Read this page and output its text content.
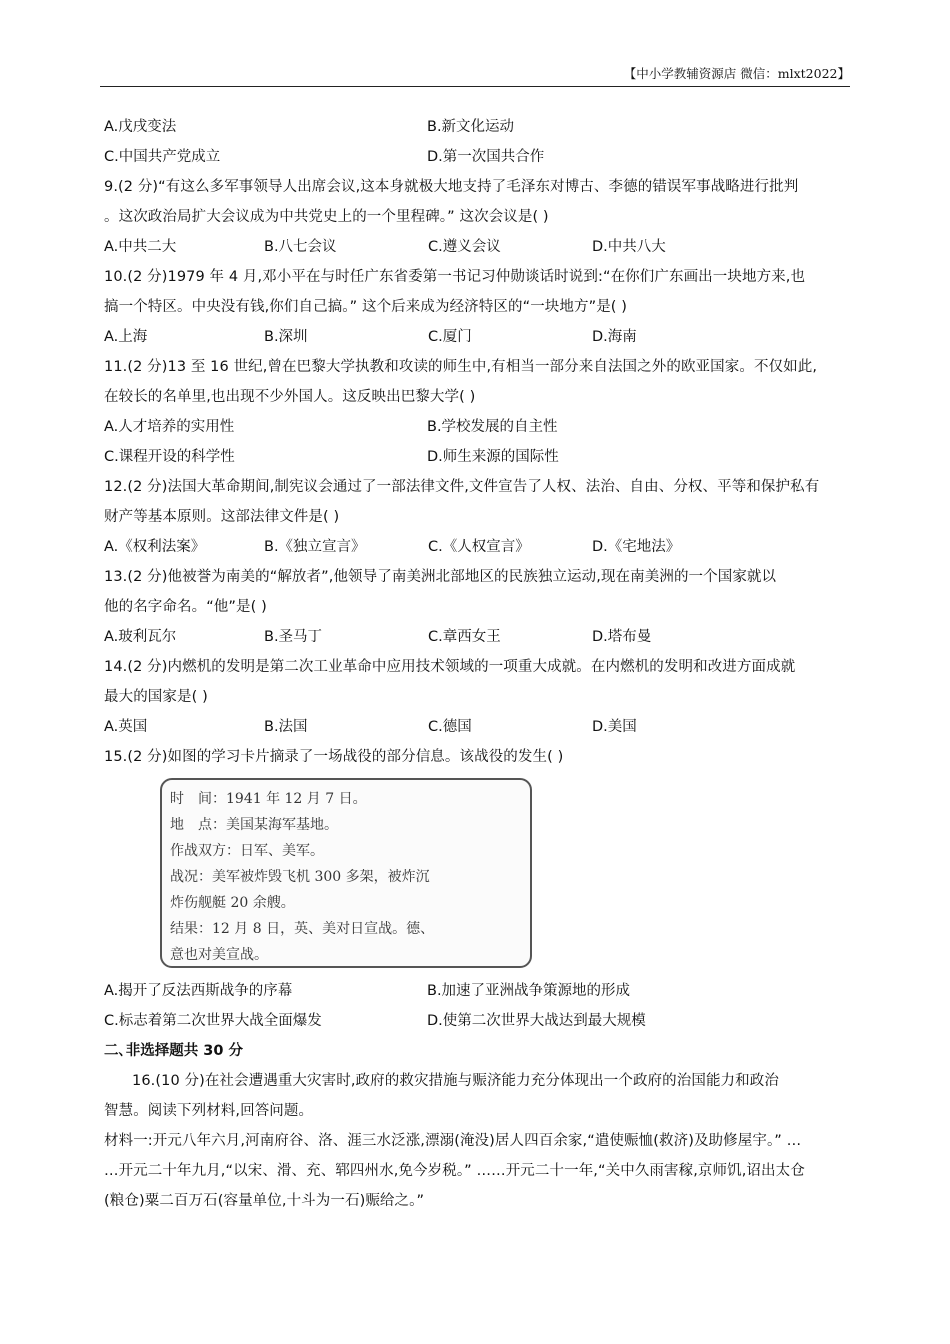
【中小学教辅资源店 微信：mlxt2022】
A.戊戌变法	B.新文化运动
C.中国共产党成立	D.第一次国共合作
9.(2 分)“有这么多军事领导人出席会议,这本身就极大地支持了毛泽东对博古、李德的错误军事战略进行批判
。这次政治局扩大会议成为中共党史上的一个里程碑。” 这次会议是( )
A.中共二大	B.八七会议	C.遵义会议	D.中共八大
10.(2 分)1979 年 4 月,邓小平在与时任广东省委第一书记习仲勋谈话时说到:“在你们广东画出一块地方来,也
搞一个特区。中央没有钱,你们自己搞。” 这个后来成为经济特区的“一块地方”是( )
A.上海	B.深圳	C.厦门	D.海南
11.(2 分)13 至 16 世纪,曾在巴黎大学执教和攻读的师生中,有相当一部分来自法国之外的欧亚国家。不仅如此,
在较长的名单里,也出现不少外国人。这反映出巴黎大学( )
A.人才培养的实用性	B.学校发展的自主性
C.课程开设的科学性	D.师生来源的国际性
12.(2 分)法国大革命期间,制宪议会通过了一部法律文件,文件宣告了人权、法治、自由、分权、平等和保护私有
财产等基本原则。这部法律文件是( )
A.《权利法案》	B.《独立宣言》	C.《人权宣言》	D.《宅地法》
13.(2 分)他被誉为南美的“解放者”,他领导了南美洲北部地区的民族独立运动,现在南美洲的一个国家就以
他的名字命名。“他”是( )
A.玻利瓦尔	B.圣马丁	C.章西女王	D.塔布曼
14.(2 分)内燃机的发明是第二次工业革命中应用技术领域的一项重大成就。在内燃机的发明和改进方面成就
最大的国家是( )
A.英国	B.法国	C.德国	D.美国
15.(2 分)如图的学习卡片摘录了一场战役的部分信息。该战役的发生( )
时　间：1941 年 12 月 7 日。
地　点：美国某海军基地。
作战双方：日军、美军。
战况：美军被炸毁飞机 300 多架，被炸沉
炸伤舰艇 20 余艘。
结果：12 月 8 日，英、美对日宣战。德、
意也对美宣战。
A.揭开了反法西斯战争的序幕	B.加速了亚洲战争策源地的形成
C.标志着第二次世界大战全面爆发	D.使第二次世界大战达到最大规模
二､非选择题共 30 分
16.(10 分)在社会遭遇重大灾害时,政府的救灾措施与赈济能力充分体现出一个政府的治国能力和政治
智慧。阅读下列材料,回答问题。
材料一:开元八年六月,河南府谷、洛、涯三水泛涨,漂溺(淹没)居人四百余家,“遣使赈恤(救济)及助修屋宇。” …
…开元二十年九月,“以宋、滑、充、郓四州水,免今岁税。” ……开元二十一年,“关中久雨害稼,京师饥,诏出太仓
(粮仓)粟二百万石(容量单位,十斗为一石)赈给之。”
